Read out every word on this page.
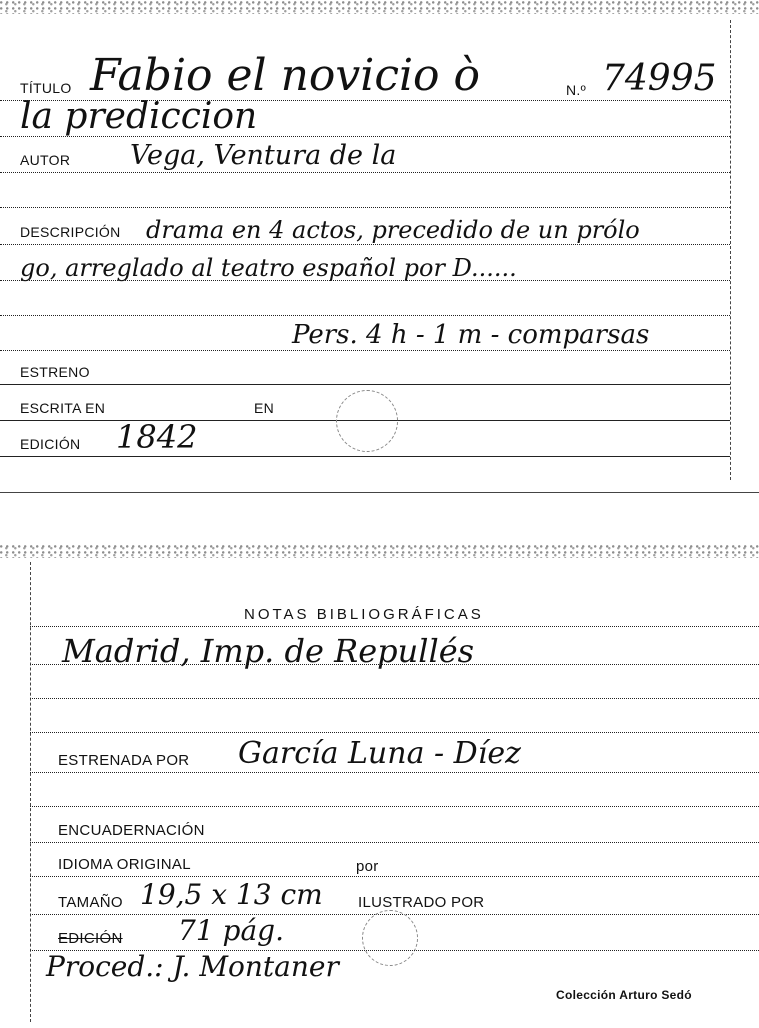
TÍTULO Fabio el novicio ò	N.º 74995
la prediccion
AUTOR Vega, Ventura de la
DESCRIPCIÓN drama en 4 actos, precedido de un prólo
go, arreglado al teatro español por D......
Pers. 4 h - 1 m - comparsas
ESTRENO
ESCRITA EN	EN
EDICIÓN 1842
NOTAS BIBLIOGRÁFICAS
Madrid, Imp. de Repullés
ESTRENADA POR García Luna - Díez
ENCUADERNACIÓN
IDIOMA ORIGINAL	por
TAMAÑO 19,5 x 13 cm ILUSTRADO POR
EDICIÓN 71 pág.
Proced.: J. Montaner
Colección Arturo Sedó
